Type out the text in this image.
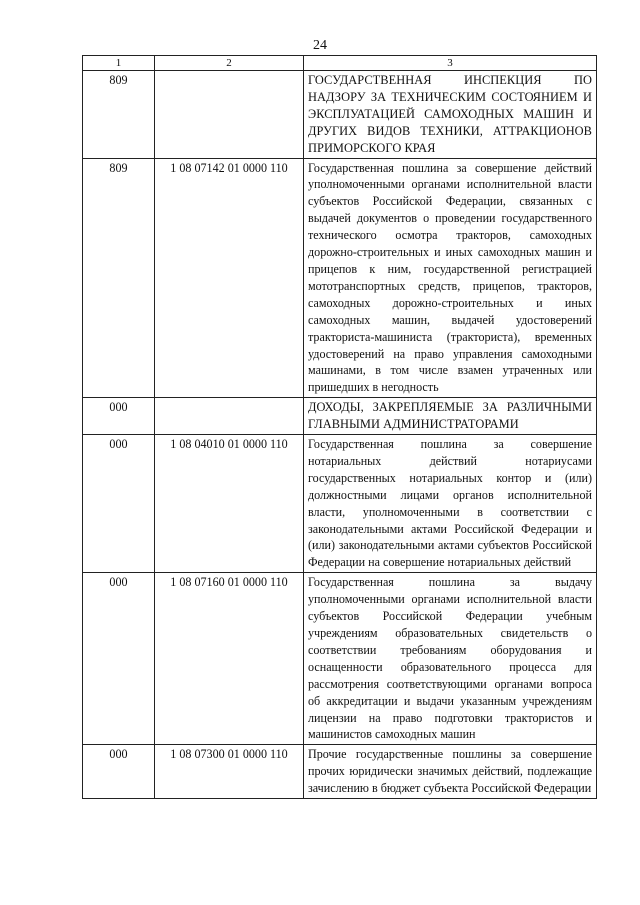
24
1	2	3
809		ГОСУДАРСТВЕННАЯ ИНСПЕКЦИЯ ПО НАДЗОРУ ЗА ТЕХНИЧЕСКИМ СОСТОЯНИЕМ И ЭКСПЛУАТАЦИЕЙ САМОХОДНЫХ МАШИН И ДРУГИХ ВИДОВ ТЕХНИКИ, АТТРАКЦИОНОВ ПРИМОРСКОГО КРАЯ
809	1 08 07142 01 0000 110	Государственная пошлина за совершение действий уполномоченными органами исполнительной власти субъектов Российской Федерации, связанных с выдачей документов о проведении государственного технического осмотра тракторов, самоходных дорожно-строительных и иных самоходных машин и прицепов к ним, государственной регистрацией мототранспортных средств, прицепов, тракторов, самоходных дорожно-строительных и иных самоходных машин, выдачей удостоверений тракториста-машиниста (тракториста), временных удостоверений на право управления самоходными машинами, в том числе взамен утраченных или пришедших в негодность
000		ДОХОДЫ, ЗАКРЕПЛЯЕМЫЕ ЗА РАЗЛИЧНЫМИ ГЛАВНЫМИ АДМИНИСТРАТОРАМИ
000	1 08 04010 01 0000 110	Государственная пошлина за совершение нотариальных действий нотариусами государственных нотариальных контор и (или) должностными лицами органов исполнительной власти, уполномоченными в соответствии с законодательными актами Российской Федерации и (или) законодательными актами субъектов Российской Федерации на совершение нотариальных действий
000	1 08 07160 01 0000 110	Государственная пошлина за выдачу уполномоченными органами исполнительной власти субъектов Российской Федерации учебным учреждениям образовательных свидетельств о соответствии требованиям оборудования и оснащенности образовательного процесса для рассмотрения соответствующими органами вопроса об аккредитации и выдачи указанным учреждениям лицензии на право подготовки трактористов и машинистов самоходных машин
000	1 08 07300 01 0000 110	Прочие государственные пошлины за совершение прочих юридически значимых действий, подлежащие зачислению в бюджет субъекта Российской Федерации
